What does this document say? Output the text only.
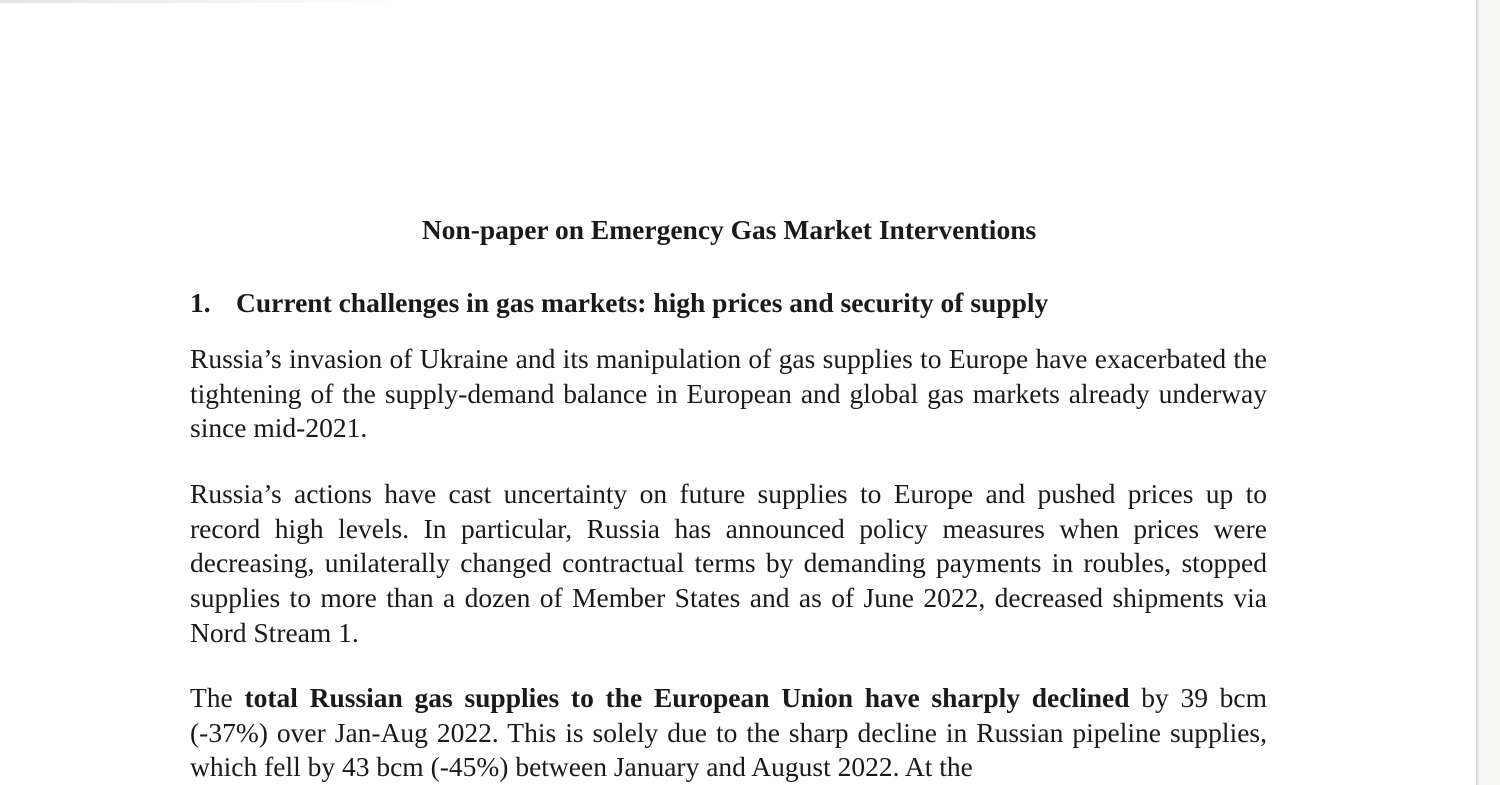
Non-paper on Emergency Gas Market Interventions
1. Current challenges in gas markets: high prices and security of supply

Russia’s invasion of Ukraine and its manipulation of gas supplies to Europe have exacerbated the tightening of the supply-demand balance in European and global gas markets already underway since mid-2021.

Russia’s actions have cast uncertainty on future supplies to Europe and pushed prices up to record high levels. In particular, Russia has announced policy measures when prices were decreasing, unilaterally changed contractual terms by demanding payments in roubles, stopped supplies to more than a dozen of Member States and as of June 2022, decreased shipments via Nord Stream 1.

The total Russian gas supplies to the European Union have sharply declined by 39 bcm (-37%) over Jan-Aug 2022. This is solely due to the sharp decline in Russian pipeline supplies, which fell by 43 bcm (-45%) between January and August 2022. At the
